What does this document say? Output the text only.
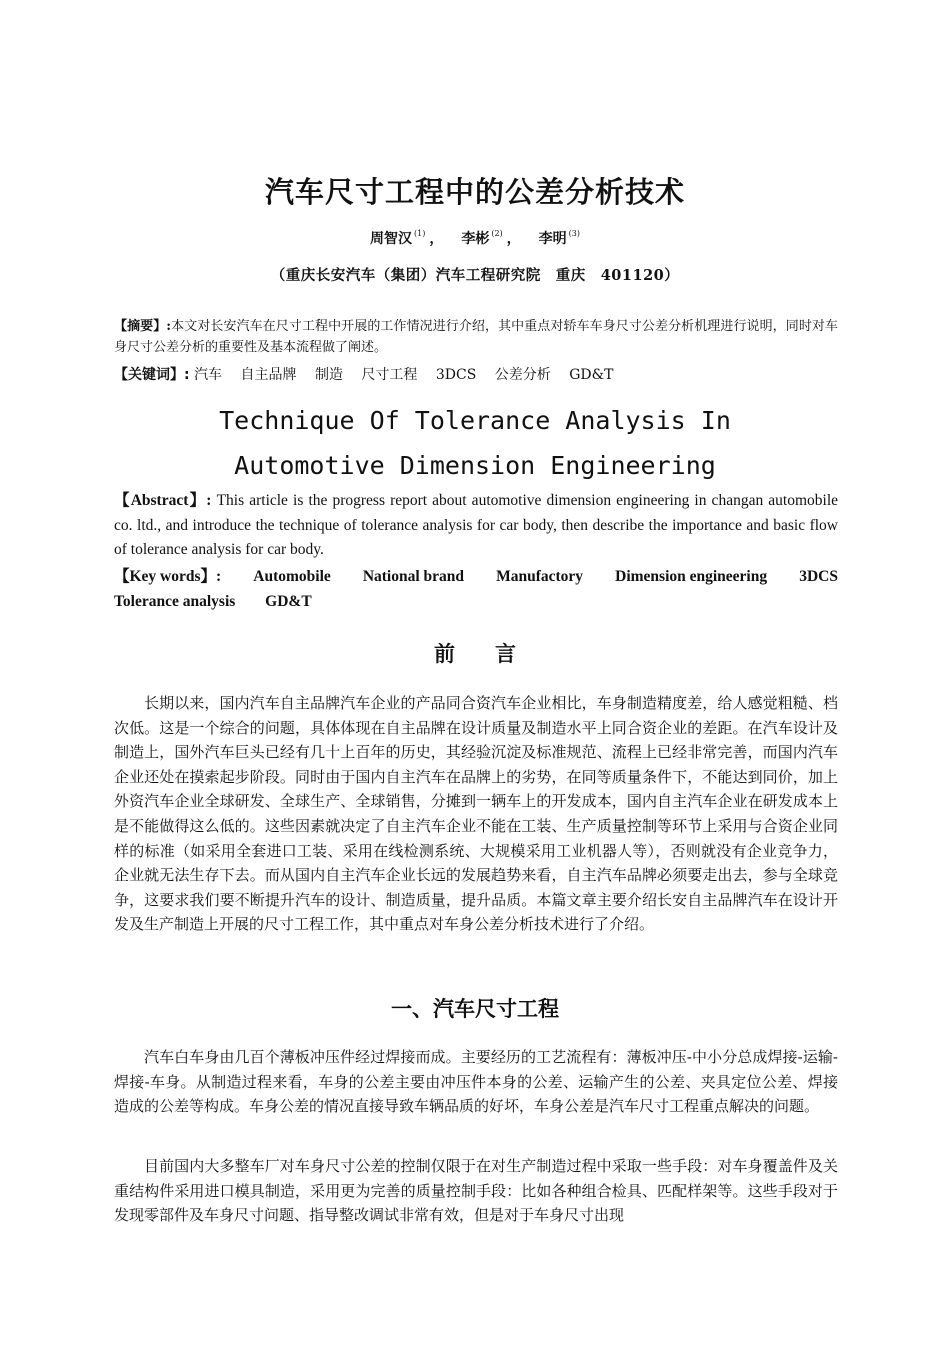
汽车尺寸工程中的公差分析技术
周智汉 $^{(1)}$ ， 李彬 $^{(2)}$ ， 李明 $^{(3)}$
（重庆长安汽车（集团）汽车工程研究院　重庆　401120）
【摘要】:本文对长安汽车在尺寸工程中开展的工作情况进行介绍，其中重点对轿车车身尺寸公差分析机理进行说明，同时对车身尺寸公差分析的重要性及基本流程做了阐述。
【关键词】: 汽车 自主品牌 制造 尺寸工程 3DCS 公差分析 GD&T
Technique Of Tolerance Analysis In
Automotive Dimension Engineering
【Abstract】: This article is the progress report about automotive dimension engineering in changan automobile co. ltd., and introduce the technique of tolerance analysis for car body, then describe the importance and basic flow of tolerance analysis for car body.
【Key words】: Automobile National brand Manufactory Dimension engineering 3DCS
Tolerance analysis GD&T
前言
长期以来，国内汽车自主品牌汽车企业的产品同合资汽车企业相比，车身制造精度差，给人感觉粗糙、档次低。这是一个综合的问题，具体体现在自主品牌在设计质量及制造水平上同合资企业的差距。在汽车设计及制造上，国外汽车巨头已经有几十上百年的历史，其经验沉淀及标准规范、流程上已经非常完善，而国内汽车企业还处在摸索起步阶段。同时由于国内自主汽车在品牌上的劣势，在同等质量条件下，不能达到同价，加上外资汽车企业全球研发、全球生产、全球销售，分摊到一辆车上的开发成本，国内自主汽车企业在研发成本上是不能做得这么低的。这些因素就决定了自主汽车企业不能在工装、生产质量控制等环节上采用与合资企业同样的标准（如采用全套进口工装、采用在线检测系统、大规模采用工业机器人等），否则就没有企业竞争力，企业就无法生存下去。而从国内自主汽车企业长远的发展趋势来看，自主汽车品牌必须要走出去，参与全球竞争，这要求我们要不断提升汽车的设计、制造质量，提升品质。本篇文章主要介绍长安自主品牌汽车在设计开发及生产制造上开展的尺寸工程工作，其中重点对车身公差分析技术进行了介绍。
一、汽车尺寸工程
汽车白车身由几百个薄板冲压件经过焊接而成。主要经历的工艺流程有：薄板冲压-中小分总成焊接-运输-焊接-车身。从制造过程来看，车身的公差主要由冲压件本身的公差、运输产生的公差、夹具定位公差、焊接造成的公差等构成。车身公差的情况直接导致车辆品质的好坏，车身公差是汽车尺寸工程重点解决的问题。
目前国内大多整车厂对车身尺寸公差的控制仅限于在对生产制造过程中采取一些手段：对车身覆盖件及关重结构件采用进口模具制造，采用更为完善的质量控制手段：比如各种组合检具、匹配样架等。这些手段对于发现零部件及车身尺寸问题、指导整改调试非常有效，但是对于车身尺寸出现
